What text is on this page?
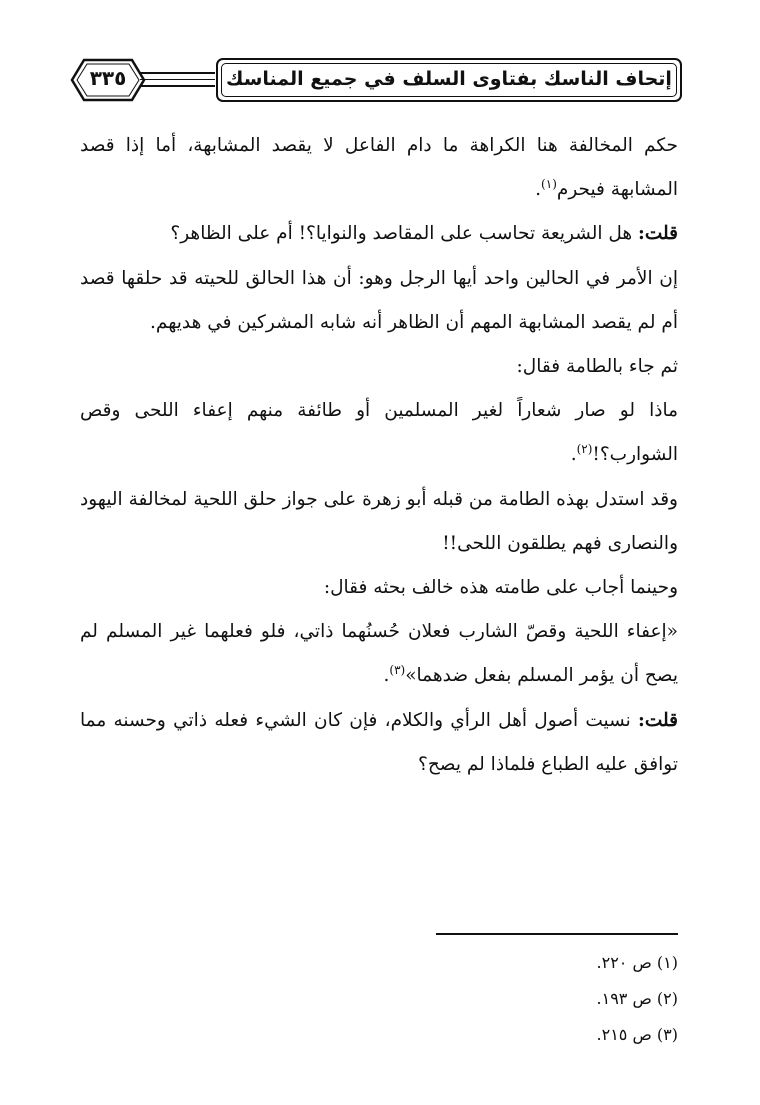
إتحاف الناسك بفتاوى السلف في جميع المناسك
٣٣٥

حكم المخالفة هنا الكراهة ما دام الفاعل لا يقصد المشابهة، أما إذا قصد المشابهة فيحرم$^{(١)}$.

قلت: هل الشريعة تحاسب على المقاصد والنوايا؟! أم على الظاهر؟

إن الأمر في الحالين واحد أيها الرجل وهو: أن هذا الحالق للحيته قد حلقها قصد أم لم يقصد المشابهة المهم أن الظاهر أنه شابه المشركين في هديهم.

ثم جاء بالطامة فقال:

ماذا لو صار شعاراً لغير المسلمين أو طائفة منهم إعفاء اللحى وقص الشوارب؟!$^{(٢)}$.

وقد استدل بهذه الطامة من قبله أبو زهرة على جواز حلق اللحية لمخالفة اليهود والنصارى فهم يطلقون اللحى!!

وحينما أجاب على طامته هذه خالف بحثه فقال:

«إعفاء اللحية وقصّ الشارب فعلان حُسنُهما ذاتي، فلو فعلهما غير المسلم لم يصح أن يؤمر المسلم بفعل ضدهما»$^{(٣)}$.

قلت: نسيت أصول أهل الرأي والكلام، فإن كان الشيء فعله ذاتي وحسنه مما توافق عليه الطباع فلماذا لم يصح؟

(١) ص ٢٢٠.
(٢) ص ١٩٣.
(٣) ص ٢١٥.
